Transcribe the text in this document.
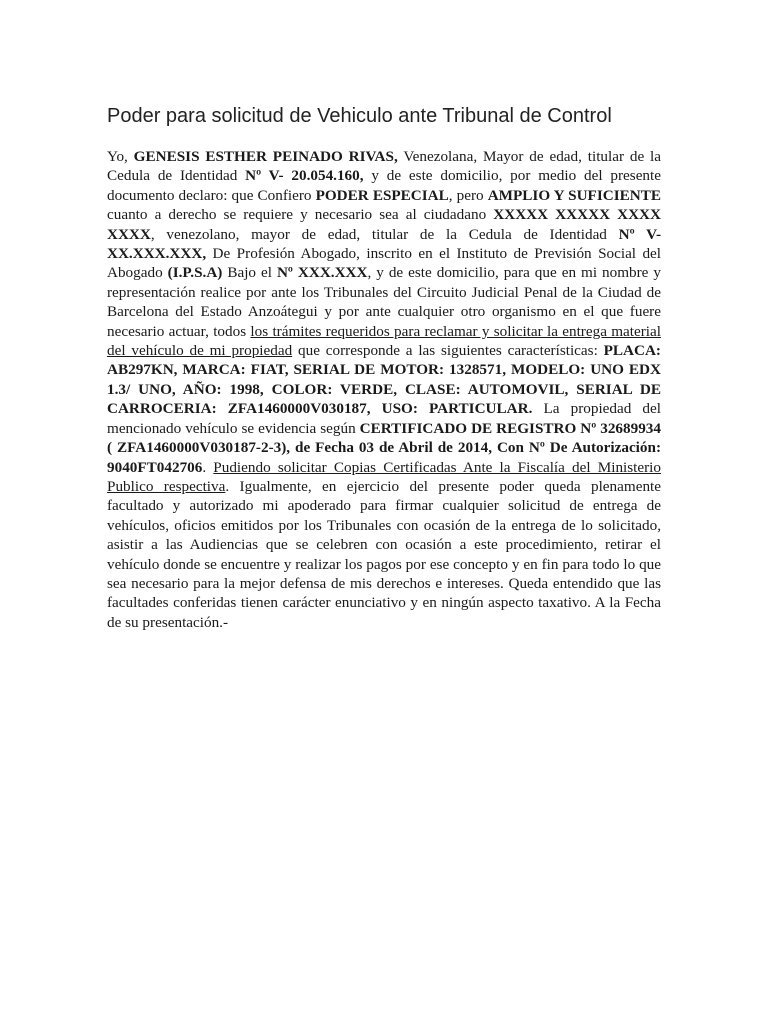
Poder para solicitud de Vehiculo ante Tribunal de Control

Yo, GENESIS ESTHER PEINADO RIVAS, Venezolana, Mayor de edad, titular de la Cedula de Identidad Nº V- 20.054.160, y de este domicilio, por medio del presente documento declaro: que Confiero PODER ESPECIAL, pero AMPLIO Y SUFICIENTE cuanto a derecho se requiere y necesario sea al ciudadano XXXXX XXXXX XXXX XXXX, venezolano, mayor de edad, titular de la Cedula de Identidad Nº V- XX.XXX.XXX, De Profesión Abogado, inscrito en el Instituto de Previsión Social del Abogado (I.P.S.A) Bajo el Nº XXX.XXX, y de este domicilio, para que en mi nombre y representación realice por ante los Tribunales del Circuito Judicial Penal de la Ciudad de Barcelona del Estado Anzoátegui y por ante cualquier otro organismo en el que fuere necesario actuar, todos los trámites requeridos para reclamar y solicitar la entrega material del vehículo de mi propiedad que corresponde a las siguientes características: PLACA: AB297KN, MARCA: FIAT, SERIAL DE MOTOR: 1328571, MODELO: UNO EDX 1.3/ UNO, AÑO: 1998, COLOR: VERDE, CLASE: AUTOMOVIL, SERIAL DE CARROCERIA: ZFA1460000V030187, USO: PARTICULAR. La propiedad del mencionado vehículo se evidencia según CERTIFICADO DE REGISTRO Nº 32689934 ( ZFA1460000V030187-2-3), de Fecha 03 de Abril de 2014, Con Nº De Autorización: 9040FT042706. Pudiendo solicitar Copias Certificadas Ante la Fiscalía del Ministerio Publico respectiva. Igualmente, en ejercicio del presente poder queda plenamente facultado y autorizado mi apoderado para firmar cualquier solicitud de entrega de vehículos, oficios emitidos por los Tribunales con ocasión de la entrega de lo solicitado, asistir a las Audiencias que se celebren con ocasión a este procedimiento, retirar el vehículo donde se encuentre y realizar los pagos por ese concepto y en fin para todo lo que sea necesario para la mejor defensa de mis derechos e intereses. Queda entendido que las facultades conferidas tienen carácter enunciativo y en ningún aspecto taxativo. A la Fecha de su presentación.-
